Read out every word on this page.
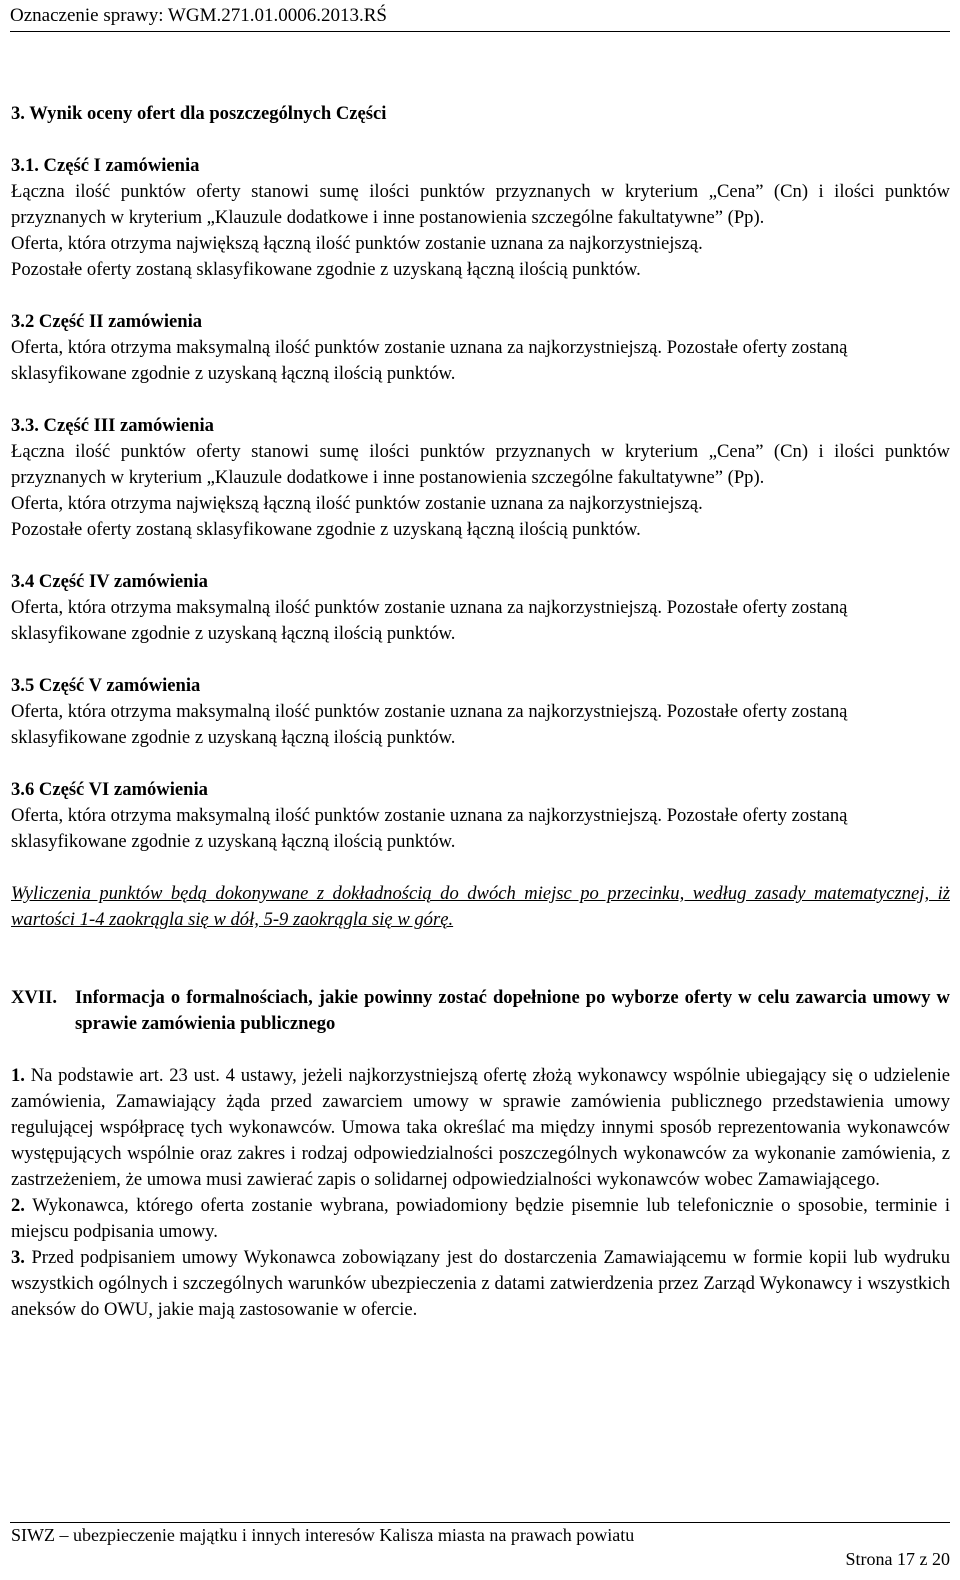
Oznaczenie sprawy: WGM.271.01.0006.2013.RŚ

3. Wynik oceny ofert dla poszczególnych Części

3.1. Część I zamówienia

Łączna ilość punktów oferty stanowi sumę ilości punktów przyznanych w kryterium „Cena” (Cn) i ilości punktów przyznanych w kryterium „Klauzule dodatkowe i inne postanowienia szczególne fakultatywne” (Pp).

Oferta, która otrzyma największą łączną ilość punktów zostanie uznana za najkorzystniejszą.

Pozostałe oferty zostaną sklasyfikowane zgodnie z uzyskaną łączną ilością punktów.

3.2 Część II zamówienia

Oferta, która otrzyma maksymalną ilość punktów zostanie uznana za najkorzystniejszą. Pozostałe oferty zostaną sklasyfikowane zgodnie z uzyskaną łączną ilością punktów.

3.3. Część III zamówienia

Łączna ilość punktów oferty stanowi sumę ilości punktów przyznanych w kryterium „Cena” (Cn) i ilości punktów przyznanych w kryterium „Klauzule dodatkowe i inne postanowienia szczególne fakultatywne” (Pp).

Oferta, która otrzyma największą łączną ilość punktów zostanie uznana za najkorzystniejszą.

Pozostałe oferty zostaną sklasyfikowane zgodnie z uzyskaną łączną ilością punktów.

3.4 Część IV zamówienia

Oferta, która otrzyma maksymalną ilość punktów zostanie uznana za najkorzystniejszą. Pozostałe oferty zostaną sklasyfikowane zgodnie z uzyskaną łączną ilością punktów.

3.5 Część V zamówienia

Oferta, która otrzyma maksymalną ilość punktów zostanie uznana za najkorzystniejszą. Pozostałe oferty zostaną sklasyfikowane zgodnie z uzyskaną łączną ilością punktów.

3.6 Część VI zamówienia

Oferta, która otrzyma maksymalną ilość punktów zostanie uznana za najkorzystniejszą. Pozostałe oferty zostaną sklasyfikowane zgodnie z uzyskaną łączną ilością punktów.

Wyliczenia punktów będą dokonywane z dokładnością do dwóch miejsc po przecinku, według zasady matematycznej, iż wartości 1-4 zaokrągla się w dół, 5-9 zaokrągla się w górę.

XVII. Informacja o formalnościach, jakie powinny zostać dopełnione po wyborze oferty w celu zawarcia umowy w sprawie zamówienia publicznego

1. Na podstawie art. 23 ust. 4 ustawy, jeżeli najkorzystniejszą ofertę złożą wykonawcy wspólnie ubiegający się o udzielenie zamówienia, Zamawiający żąda przed zawarciem umowy w sprawie zamówienia publicznego przedstawienia umowy regulującej współpracę tych wykonawców. Umowa taka określać ma między innymi sposób reprezentowania wykonawców występujących wspólnie oraz zakres i rodzaj odpowiedzialności poszczególnych wykonawców za wykonanie zamówienia, z zastrzeżeniem, że umowa musi zawierać zapis o solidarnej odpowiedzialności wykonawców wobec Zamawiającego.

2. Wykonawca, którego oferta zostanie wybrana, powiadomiony będzie pisemnie lub telefonicznie o sposobie, terminie i miejscu podpisania umowy.

3. Przed podpisaniem umowy Wykonawca zobowiązany jest do dostarczenia Zamawiającemu w formie kopii lub wydruku wszystkich ogólnych i szczególnych warunków ubezpieczenia z datami zatwierdzenia przez Zarząd Wykonawcy i wszystkich aneksów do OWU, jakie mają zastosowanie w ofercie.

SIWZ – ubezpieczenie majątku i innych interesów Kalisza miasta na prawach powiatu
Strona 17 z 20
